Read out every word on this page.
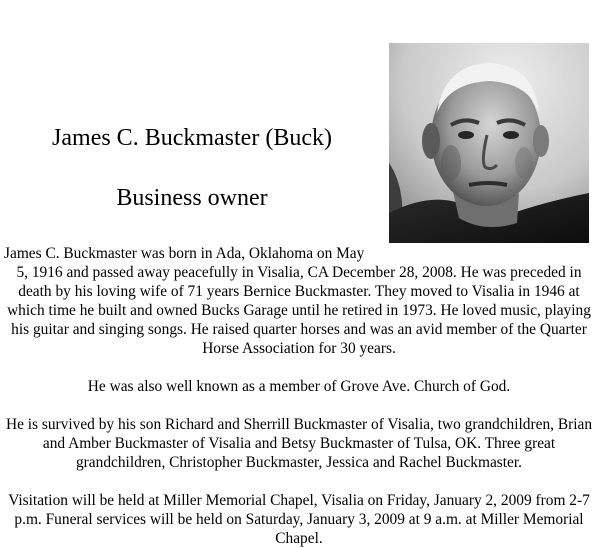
James C. Buckmaster (Buck)
Business owner

James C. Buckmaster was born in Ada, Oklahoma on May
5, 1916 and passed away peacefully in Visalia, CA December 28, 2008. He was preceded in death by his loving wife of 71 years Bernice Buckmaster. They moved to Visalia in 1946 at which time he built and owned Bucks Garage until he retired in 1973. He loved music, playing his guitar and singing songs. He raised quarter horses and was an avid member of the Quarter Horse Association for 30 years.

He was also well known as a member of Grove Ave. Church of God.

He is survived by his son Richard and Sherrill Buckmaster of Visalia, two grandchildren, Brian and Amber Buckmaster of Visalia and Betsy Buckmaster of Tulsa, OK. Three great grandchildren, Christopher Buckmaster, Jessica and Rachel Buckmaster.

Visitation will be held at Miller Memorial Chapel, Visalia on Friday, January 2, 2009 from 2-7 p.m. Funeral services will be held on Saturday, January 3, 2009 at 9 a.m. at Miller Memorial Chapel.
